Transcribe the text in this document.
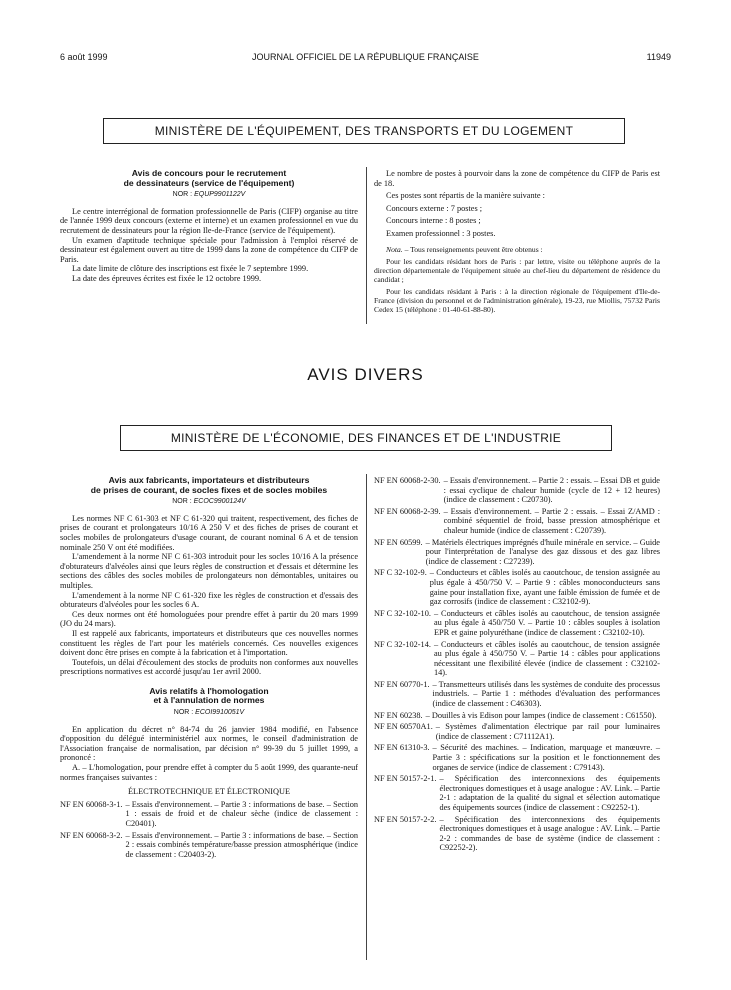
6 août 1999	JOURNAL OFFICIEL DE LA RÉPUBLIQUE FRANÇAISE	11949
MINISTÈRE DE L'ÉQUIPEMENT, DES TRANSPORTS ET DU LOGEMENT
Avis de concours pour le recrutement
de dessinateurs (service de l'équipement)
NOR : EQUP9901122V

Le centre interrégional de formation professionnelle de Paris (CIFP) organise au titre de l'année 1999 deux concours (externe et interne) et un examen professionnel en vue du recrutement de dessinateurs pour la région Ile-de-France (service de l'équipement).

Un examen d'aptitude technique spéciale pour l'admission à l'emploi réservé de dessinateur est également ouvert au titre de 1999 dans la zone de compétence du CIFP de Paris.

La date limite de clôture des inscriptions est fixée le 7 septembre 1999.

La date des épreuves écrites est fixée le 12 octobre 1999.

Le nombre de postes à pourvoir dans la zone de compétence du CIFP de Paris est de 18.

Ces postes sont répartis de la manière suivante :

Concours externe : 7 postes ;

Concours interne : 8 postes ;

Examen professionnel : 3 postes.

Nota. – Tous renseignements peuvent être obtenus :

Pour les candidats résidant hors de Paris : par lettre, visite ou téléphone auprès de la direction départementale de l'équipement située au chef-lieu du département de résidence du candidat ;

Pour les candidats résidant à Paris : à la direction régionale de l'équipement d'Ile-de-France (division du personnel et de l'administration générale), 19-23, rue Miollis, 75732 Paris Cedex 15 (téléphone : 01-40-61-88-80).

AVIS DIVERS
MINISTÈRE DE L'ÉCONOMIE, DES FINANCES ET DE L'INDUSTRIE
Avis aux fabricants, importateurs et distributeurs
de prises de courant, de socles fixes et de socles mobiles
NOR : ECOC9900124V

Les normes NF C 61-303 et NF C 61-320 qui traitent, respectivement, des fiches de prises de courant et prolongateurs 10/16 A 250 V et des fiches de prises de courant et socles mobiles de prolongateurs d'usage courant, de courant nominal 6 A et de tension nominale 250 V ont été modifiées.

L'amendement à la norme NF C 61-303 introduit pour les socles 10/16 A la présence d'obturateurs d'alvéoles ainsi que leurs règles de construction et d'essais et détermine les sections des câbles des socles mobiles de prolongateurs non démontables, unitaires ou multiples.

L'amendement à la norme NF C 61-320 fixe les règles de construction et d'essais des obturateurs d'alvéoles pour les socles 6 A.

Ces deux normes ont été homologuées pour prendre effet à partir du 20 mars 1999 (JO du 24 mars).

Il est rappelé aux fabricants, importateurs et distributeurs que ces nouvelles normes constituent les règles de l'art pour les matériels concernés. Ces nouvelles exigences doivent donc être prises en compte à la fabrication et à l'importation.

Toutefois, un délai d'écoulement des stocks de produits non conformes aux nouvelles prescriptions normatives est accordé jusqu'au 1er avril 2000.

Avis relatifs à l'homologation
et à l'annulation de normes
NOR : ECOI9910051V

En application du décret n° 84-74 du 26 janvier 1984 modifié, en l'absence d'opposition du délégué interministériel aux normes, le conseil d'administration de l'Association française de normalisation, par décision n° 99-39 du 5 juillet 1999, a prononcé :

A. – L'homologation, pour prendre effet à compter du 5 août 1999, des quarante-neuf normes françaises suivantes :

ÉLECTROTECHNIQUE ET ÉLECTRONIQUE
NF EN 60068-3-1. – Essais d'environnement. – Partie 3 : informations de base. – Section 1 : essais de froid et de chaleur sèche (indice de classement : C20401).
NF EN 60068-3-2. – Essais d'environnement. – Partie 3 : informations de base. – Section 2 : essais combinés température/basse pression atmosphérique (indice de classement : C20403-2).
NF EN 60068-2-30. – Essais d'environnement. – Partie 2 : essais. – Essai DB et guide : essai cyclique de chaleur humide (cycle de 12 + 12 heures) (indice de classement : C20730).
NF EN 60068-2-39. – Essais d'environnement. – Partie 2 : essais. – Essai Z/AMD : combiné séquentiel de froid, basse pression atmosphérique et chaleur humide (indice de classement : C20739).
NF EN 60599. – Matériels électriques imprégnés d'huile minérale en service. – Guide pour l'interprétation de l'analyse des gaz dissous et des gaz libres (indice de classement : C27239).
NF C 32-102-9. – Conducteurs et câbles isolés au caoutchouc, de tension assignée au plus égale à 450/750 V. – Partie 9 : câbles monoconducteurs sans gaine pour installation fixe, ayant une faible émission de fumée et de gaz corrosifs (indice de classement : C32102-9).
NF C 32-102-10. – Conducteurs et câbles isolés au caoutchouc, de tension assignée au plus égale à 450/750 V. – Partie 10 : câbles souples à isolation EPR et gaine polyuréthane (indice de classement : C32102-10).
NF C 32-102-14. – Conducteurs et câbles isolés au caoutchouc, de tension assignée au plus égale à 450/750 V. – Partie 14 : câbles pour applications nécessitant une flexibilité élevée (indice de classement : C32102-14).
NF EN 60770-1. – Transmetteurs utilisés dans les systèmes de conduite des processus industriels. – Partie 1 : méthodes d'évaluation des performances (indice de classement : C46303).
NF EN 60238. – Douilles à vis Edison pour lampes (indice de classement : C61550).
NF EN 60570A1. – Systèmes d'alimentation électrique par rail pour luminaires (indice de classement : C71112A1).
NF EN 61310-3. – Sécurité des machines. – Indication, marquage et manœuvre. – Partie 3 : spécifications sur la position et le fonctionnement des organes de service (indice de classement : C79143).
NF EN 50157-2-1. – Spécification des interconnexions des équipements électroniques domestiques et à usage analogue : AV. Link. – Partie 2-1 : adaptation de la qualité du signal et sélection automatique des équipements sources (indice de classement : C92252-1).
NF EN 50157-2-2. – Spécification des interconnexions des équipements électroniques domestiques et à usage analogue : AV. Link. – Partie 2-2 : commandes de base de système (indice de classement : C92252-2).
